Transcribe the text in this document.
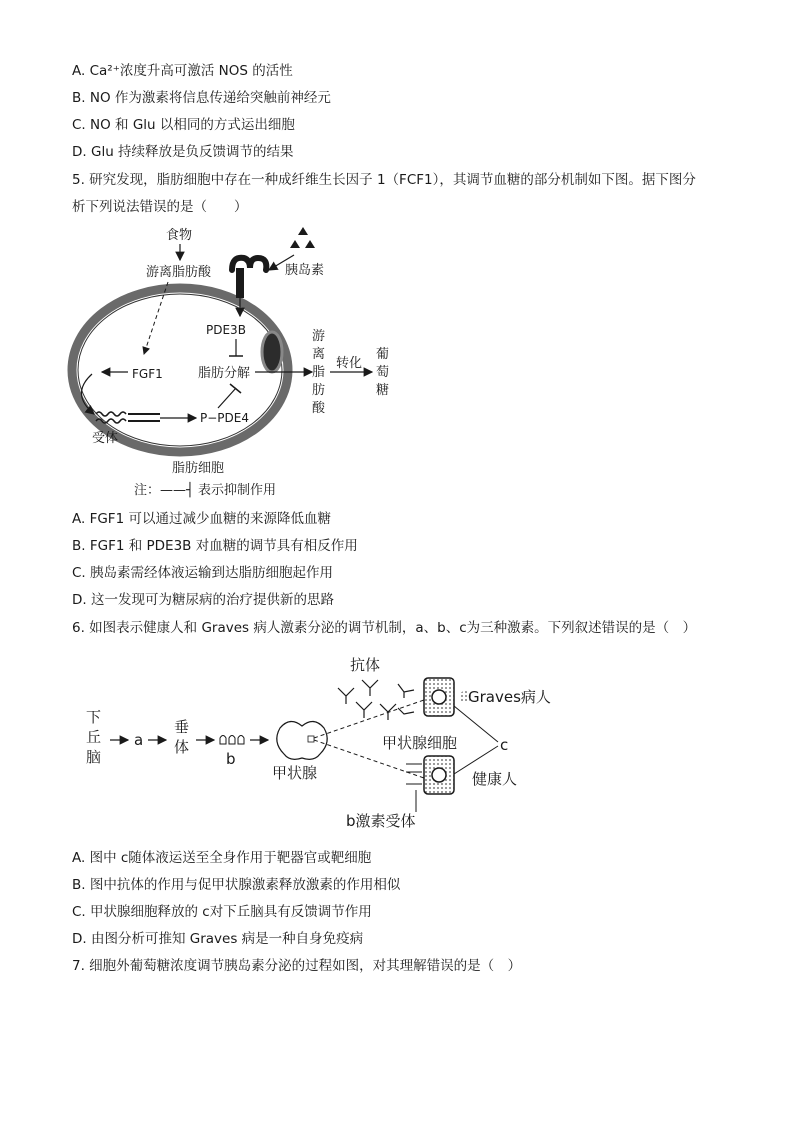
A. Ca²⁺浓度升高可激活 NOS 的活性
B. NO 作为激素将信息传递给突触前神经元
C. NO 和 Glu 以相同的方式运出细胞
D. Glu 持续释放是负反馈调节的结果
5. 研究发现，脂肪细胞中存在一种成纤维生长因子 1（FCF1），其调节血糖的部分机制如下图。据下图分
析下列说法错误的是（　　）
食物
游离脂肪酸	胰岛素
PDE3B
FGF1	脂肪分解
受体
P−PDE4
游
离
脂
肪
酸
转化
葡
萄
糖
脂肪细胞
注：——┤ 表示抑制作用
A. FGF1 可以通过减少血糖的来源降低血糖
B. FGF1 和 PDE3B 对血糖的调节具有相反作用
C. 胰岛素需经体液运输到达脂肪细胞起作用
D. 这一发现可为糖尿病的治疗提供新的思路
6. 如图表示健康人和 Graves 病人激素分泌的调节机制，a、b、c为三种激素。下列叙述错误的是（　）
下
丘
脑
a
垂
体
b
甲状腺
抗体
Graves病人
甲状腺细胞	c
健康人
b激素受体
A. 图中 c随体液运送至全身作用于靶器官或靶细胞
B. 图中抗体的作用与促甲状腺激素释放激素的作用相似
C. 甲状腺细胞释放的 c对下丘脑具有反馈调节作用
D. 由图分析可推知 Graves 病是一种自身免疫病
7. 细胞外葡萄糖浓度调节胰岛素分泌的过程如图，对其理解错误的是（　）
